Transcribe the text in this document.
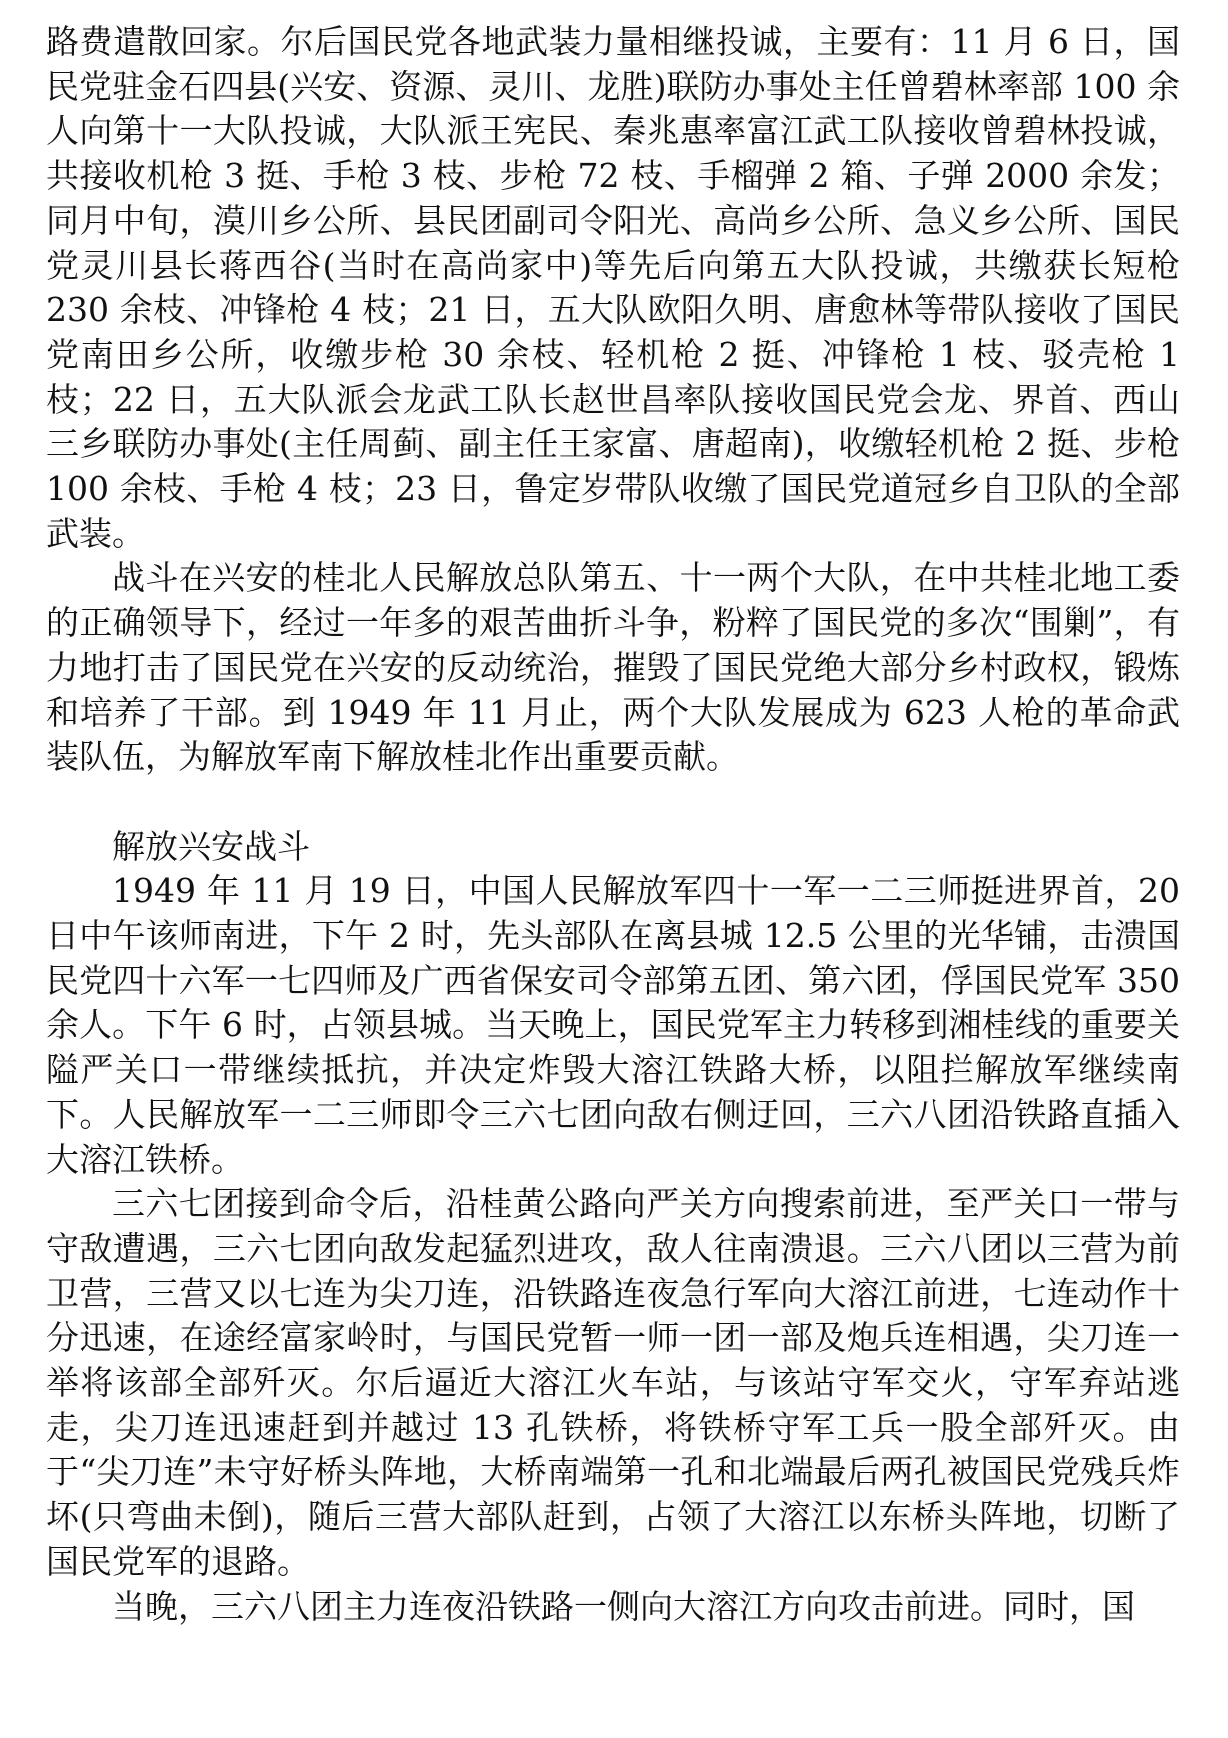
路费遣散回家。尔后国民党各地武装力量相继投诚，主要有：11 月 6 日，国民党驻金石四县(兴安、资源、灵川、龙胜)联防办事处主任曾碧林率部 100 余人向第十一大队投诚，大队派王宪民、秦兆惠率富江武工队接收曾碧林投诚，共接收机枪 3 挺、手枪 3 枝、步枪 72 枝、手榴弹 2 箱、子弹 2000 余发；同月中旬，漠川乡公所、县民团副司令阳光、高尚乡公所、急义乡公所、国民党灵川县长蒋西谷(当时在高尚家中)等先后向第五大队投诚，共缴获长短枪 230 余枝、冲锋枪 4 枝；21 日，五大队欧阳久明、唐愈林等带队接收了国民党南田乡公所，收缴步枪 30 余枝、轻机枪 2 挺、冲锋枪 1 枝、驳壳枪 1 枝；22 日，五大队派会龙武工队长赵世昌率队接收国民党会龙、界首、西山三乡联防办事处(主任周蓟、副主任王家富、唐超南)，收缴轻机枪 2 挺、步枪 100 余枝、手枪 4 枝；23 日，鲁定岁带队收缴了国民党道冠乡自卫队的全部武装。

战斗在兴安的桂北人民解放总队第五、十一两个大队，在中共桂北地工委的正确领导下，经过一年多的艰苦曲折斗争，粉粹了国民党的多次“围剿”，有力地打击了国民党在兴安的反动统治，摧毁了国民党绝大部分乡村政权，锻炼和培养了干部。到 1949 年 11 月止，两个大队发展成为 623 人枪的革命武装队伍，为解放军南下解放桂北作出重要贡献。

解放兴安战斗

1949 年 11 月 19 日，中国人民解放军四十一军一二三师挺进界首，20 日中午该师南进，下午 2 时，先头部队在离县城 12.5 公里的光华铺，击溃国民党四十六军一七四师及广西省保安司令部第五团、第六团，俘国民党军 350 余人。下午 6 时，占领县城。当天晚上，国民党军主力转移到湘桂线的重要关隘严关口一带继续抵抗，并决定炸毁大溶江铁路大桥，以阻拦解放军继续南下。人民解放军一二三师即令三六七团向敌右侧迂回，三六八团沿铁路直插入大溶江铁桥。

三六七团接到命令后，沿桂黄公路向严关方向搜索前进，至严关口一带与守敌遭遇，三六七团向敌发起猛烈进攻，敌人往南溃退。三六八团以三营为前卫营，三营又以七连为尖刀连，沿铁路连夜急行军向大溶江前进，七连动作十分迅速，在途经富家岭时，与国民党暂一师一团一部及炮兵连相遇，尖刀连一举将该部全部歼灭。尔后逼近大溶江火车站，与该站守军交火，守军弃站逃走，尖刀连迅速赶到并越过 13 孔铁桥，将铁桥守军工兵一股全部歼灭。由于“尖刀连”未守好桥头阵地，大桥南端第一孔和北端最后两孔被国民党残兵炸坏(只弯曲未倒)，随后三营大部队赶到，占领了大溶江以东桥头阵地，切断了国民党军的退路。

当晚，三六八团主力连夜沿铁路一侧向大溶江方向攻击前进。同时，国
